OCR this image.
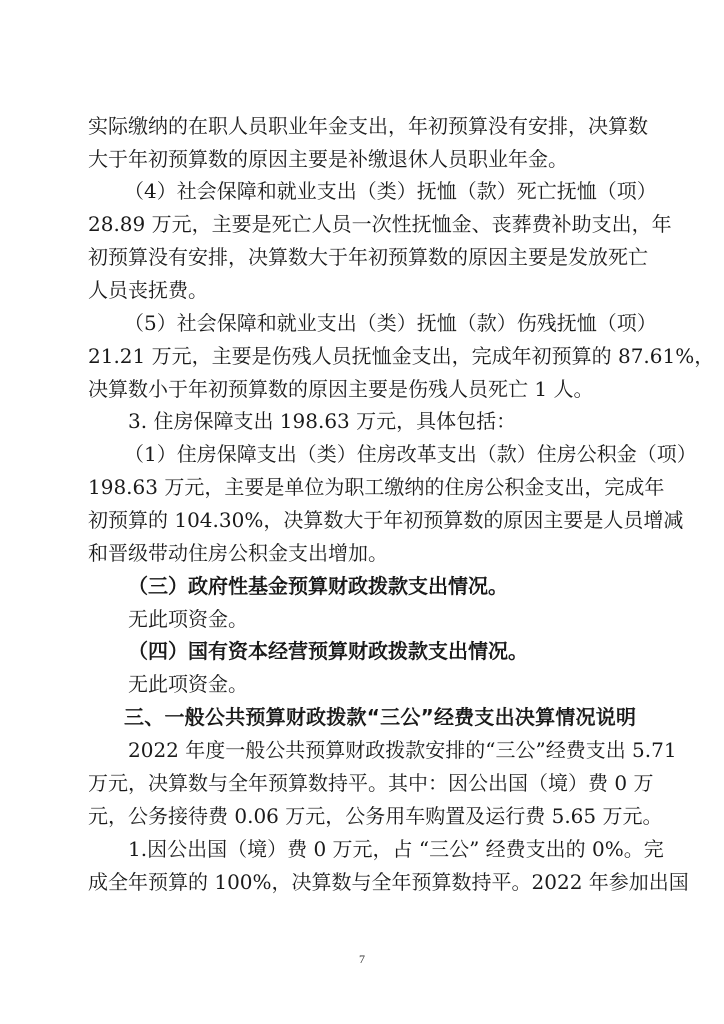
实际缴纳的在职人员职业年金支出，年初预算没有安排，决算数
大于年初预算数的原因主要是补缴退休人员职业年金。
（4）社会保障和就业支出（类）抚恤（款）死亡抚恤（项）
28.89 万元，主要是死亡人员一次性抚恤金、丧葬费补助支出，年
初预算没有安排，决算数大于年初预算数的原因主要是发放死亡
人员丧抚费。
（5）社会保障和就业支出（类）抚恤（款）伤残抚恤（项）
21.21 万元，主要是伤残人员抚恤金支出，完成年初预算的 87.61%，
决算数小于年初预算数的原因主要是伤残人员死亡 1 人。
3. 住房保障支出 198.63 万元，具体包括：
（1）住房保障支出（类）住房改革支出（款）住房公积金（项）
198.63 万元，主要是单位为职工缴纳的住房公积金支出，完成年
初预算的 104.30%，决算数大于年初预算数的原因主要是人员增减
和晋级带动住房公积金支出增加。
（三）政府性基金预算财政拨款支出情况。
无此项资金。
（四）国有资本经营预算财政拨款支出情况。
无此项资金。
三、一般公共预算财政拨款“三公”经费支出决算情况说明
2022 年度一般公共预算财政拨款安排的“三公”经费支出 5.71
万元，决算数与全年预算数持平。其中：因公出国（境）费 0 万
元，公务接待费 0.06 万元，公务用车购置及运行费 5.65 万元。
1.因公出国（境）费 0 万元，占 “三公” 经费支出的 0%。完
成全年预算的 100%，决算数与全年预算数持平。2022 年参加出国
7
